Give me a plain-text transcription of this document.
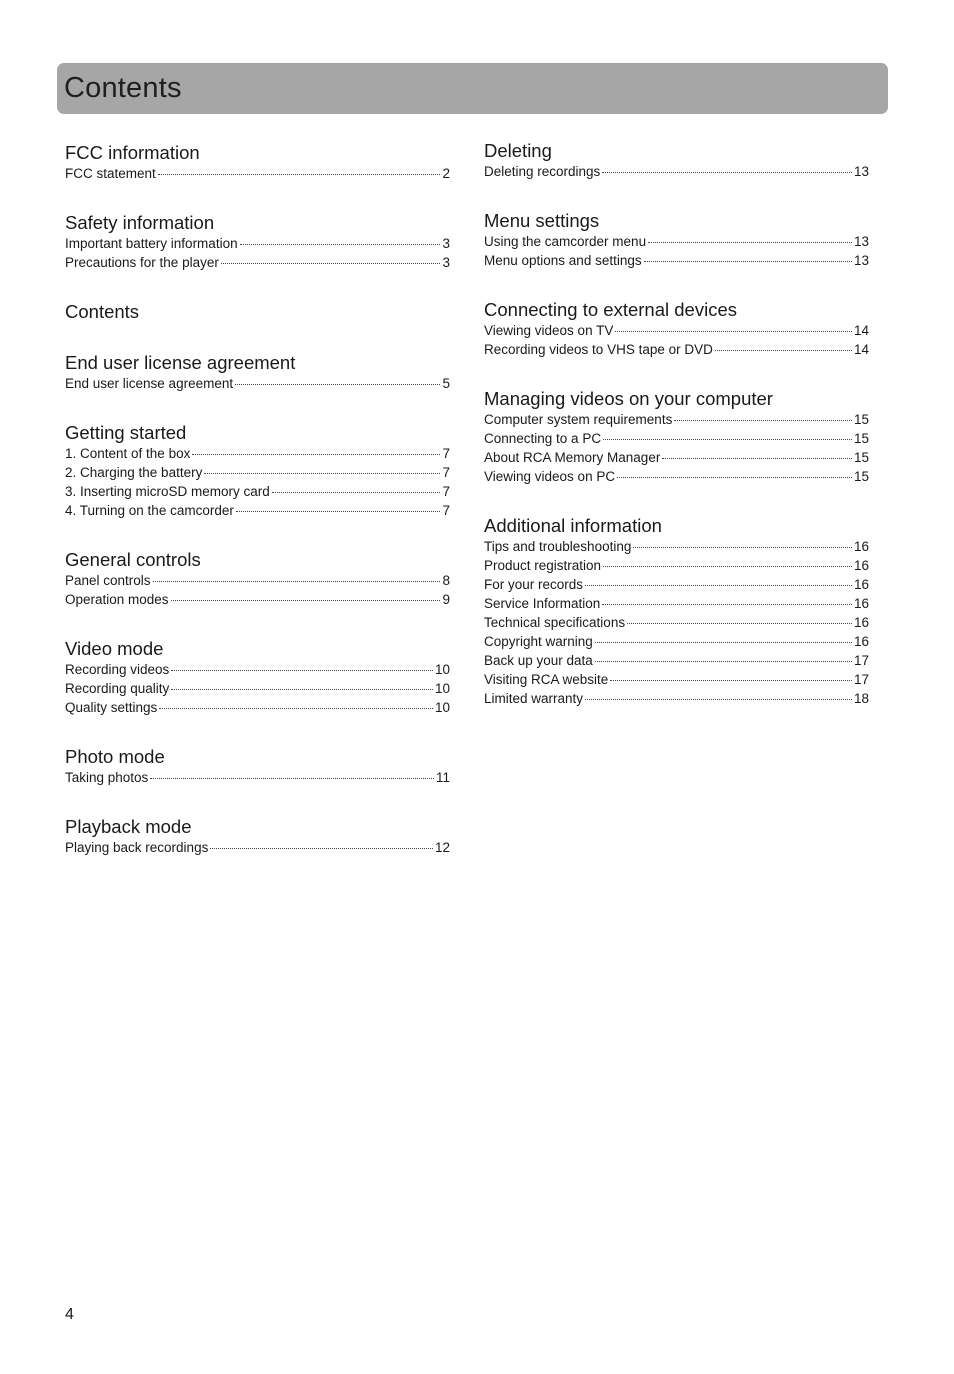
Contents
FCC information
FCC statement	2
Safety information
Important battery information	3
Precautions for the player	3
Contents
End user license agreement
End user license agreement	5
Getting started
1. Content of the box	7
2. Charging the battery	7
3. Inserting microSD memory card	7
4. Turning on the camcorder	7
General controls
Panel controls	8
Operation modes	9
Video mode
Recording videos	10
Recording quality	10
Quality settings	10
Photo mode
Taking photos	11
Playback mode
Playing back recordings	12
Deleting
Deleting recordings	13
Menu settings
Using the camcorder menu	13
Menu options and settings	13
Connecting to external devices
Viewing videos on TV	14
Recording videos to VHS tape or DVD	14
Managing videos on your computer
Computer system requirements	15
Connecting to a PC	15
About RCA Memory Manager	15
Viewing videos on PC	15
Additional information
Tips and troubleshooting	16
Product registration	16
For your records	16
Service Information	16
Technical specifications	16
Copyright warning	16
Back up your data	17
Visiting RCA website	17
Limited warranty	18
4
